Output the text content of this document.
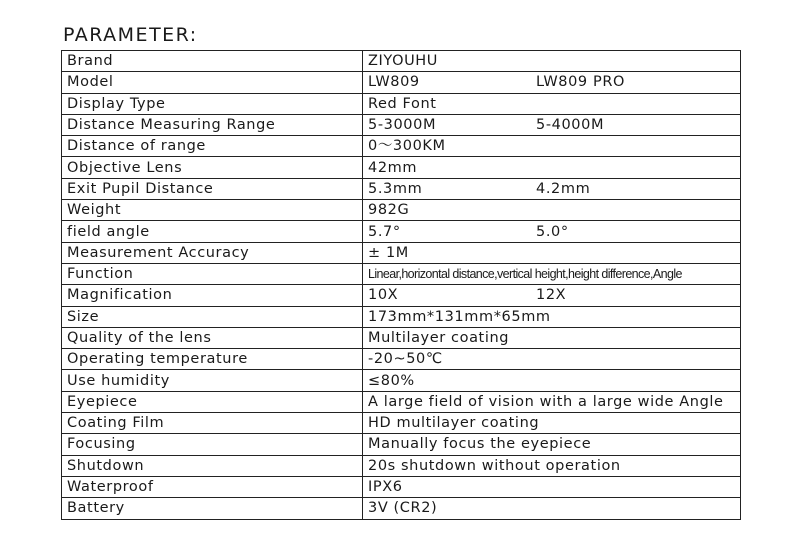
PARAMETER:
Brand	ZIYOUHU
Model	LW809 LW809 PRO
Display Type	Red Font
Distance Measuring Range	5-3000M 5-4000M
Distance of range	0～300KM
Objective Lens	42mm
Exit Pupil Distance	5.3mm 4.2mm
Weight	982G
field angle	5.7° 5.0°
Measurement Accuracy	± 1M
Function	Linear,horizontal distance,vertical height,height difference,Angle
Magnification	10X 12X
Size	173mm*131mm*65mm
Quality of the lens	Multilayer coating
Operating temperature	-20~50℃
Use humidity	≤80%
Eyepiece	A large field of vision with a large wide Angle
Coating Film	HD multilayer coating
Focusing	Manually focus the eyepiece
Shutdown	20s shutdown without operation
Waterproof	IPX6
Battery	3V (CR2)
